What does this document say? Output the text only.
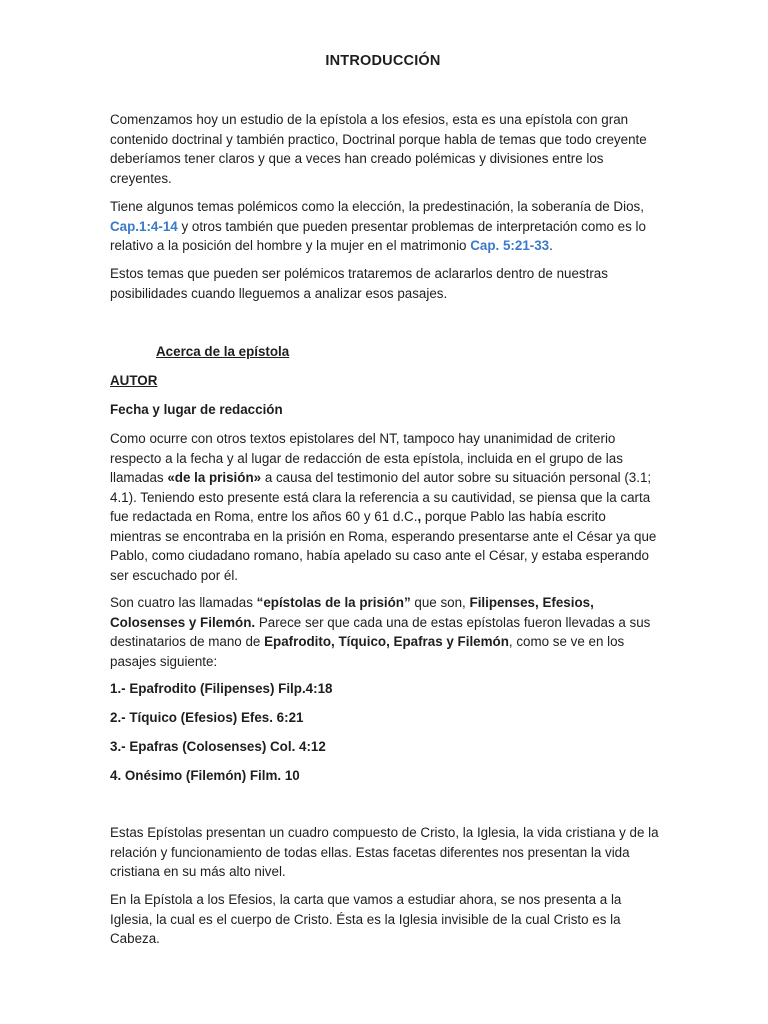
INTRODUCCIÓN

Comenzamos hoy un estudio de la epístola a los efesios, esta es una epístola con gran contenido doctrinal y también practico, Doctrinal porque habla de temas que todo creyente deberíamos tener claros y que a veces han creado polémicas y divisiones entre los creyentes.

Tiene algunos temas polémicos como la elección, la predestinación, la soberanía de Dios, Cap.1:4-14 y otros también que pueden presentar problemas de interpretación como es lo relativo a la posición del hombre y la mujer en el matrimonio Cap. 5:21-33.

Estos temas que pueden ser polémicos trataremos de aclararlos dentro de nuestras posibilidades cuando lleguemos a analizar esos pasajes.

Acerca de la epístola

AUTOR

Fecha y lugar de redacción

Como ocurre con otros textos epistolares del NT, tampoco hay unanimidad de criterio respecto a la fecha y al lugar de redacción de esta epístola, incluida en el grupo de las llamadas «de la prisión» a causa del testimonio del autor sobre su situación personal (3.1; 4.1). Teniendo esto presente está clara la referencia a su cautividad, se piensa que la carta fue redactada en Roma, entre los años 60 y 61 d.C., porque Pablo las había escrito mientras se encontraba en la prisión en Roma, esperando presentarse ante el César ya que Pablo, como ciudadano romano, había apelado su caso ante el César, y estaba esperando ser escuchado por él.

Son cuatro las llamadas “epístolas de la prisión” que son, Filipenses, Efesios, Colosenses y Filemón. Parece ser que cada una de estas epístolas fueron llevadas a sus destinatarios de mano de Epafrodito, Tíquico, Epafras y Filemón, como se ve en los pasajes siguiente:

1.- Epafrodito (Filipenses) Filp.4:18

2.- Tíquico (Efesios) Efes. 6:21

3.- Epafras (Colosenses) Col. 4:12

4. Onésimo (Filemón) Film. 10

Estas Epístolas presentan un cuadro compuesto de Cristo, la Iglesia, la vida cristiana y de la relación y funcionamiento de todas ellas. Estas facetas diferentes nos presentan la vida cristiana en su más alto nivel.

En la Epístola a los Efesios, la carta que vamos a estudiar ahora, se nos presenta a la Iglesia, la cual es el cuerpo de Cristo. Ésta es la Iglesia invisible de la cual Cristo es la Cabeza.
